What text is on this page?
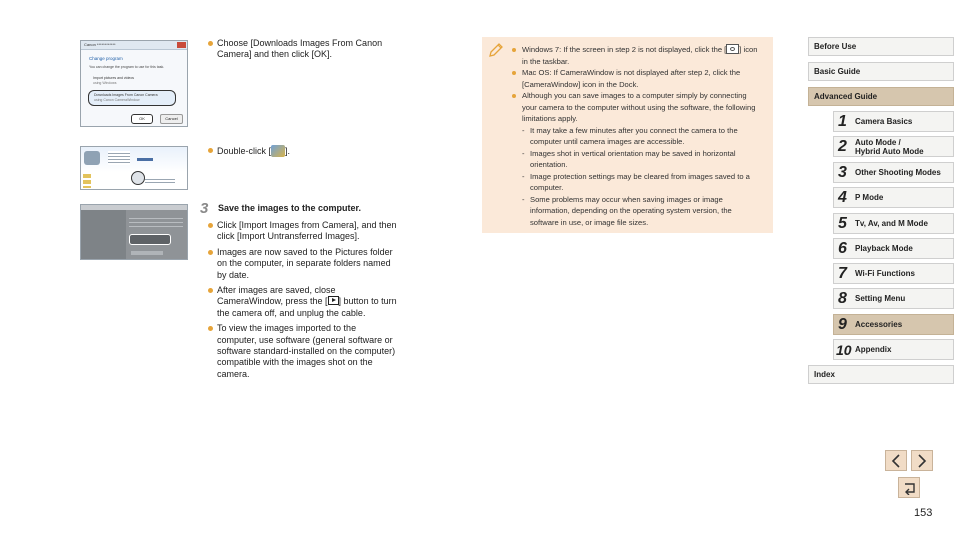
Canon ************
Change program
You can change the program to use for this task.
Import pictures and videos
using Windows
Downloads Images From Canon Camera
using Canon CameraWindow
OK	Cancel
Choose [Downloads Images From Canon Camera] and then click [OK].
Double-click [ ].
3 Save the images to the computer.
Click [Import Images from Camera], and then click [Import Untransferred Images].
Images are now saved to the Pictures folder on the computer, in separate folders named by date.
After images are saved, close CameraWindow, press the [ ] button to turn the camera off, and unplug the cable.
To view the images imported to the computer, use software (general software or software standard-installed on the computer) compatible with the images shot on the camera.
Windows 7: If the screen in step 2 is not displayed, click the [ ] icon in the taskbar.
Mac OS: If CameraWindow is not displayed after step 2, click the [CameraWindow] icon in the Dock.
Although you can save images to a computer simply by connecting your camera to the computer without using the software, the following limitations apply.
- It may take a few minutes after you connect the camera to the computer until camera images are accessible.
- Images shot in vertical orientation may be saved in horizontal orientation.
- Image protection settings may be cleared from images saved to a computer.
- Some problems may occur when saving images or image information, depending on the operating system version, the software in use, or image file sizes.
Before Use
Basic Guide
Advanced Guide
1 Camera Basics
2 Auto Mode /
Hybrid Auto Mode
3 Other Shooting Modes
4 P Mode
5 Tv, Av, and M Mode
6 Playback Mode
7 Wi-Fi Functions
8 Setting Menu
9 Accessories
10 Appendix
Index
153
